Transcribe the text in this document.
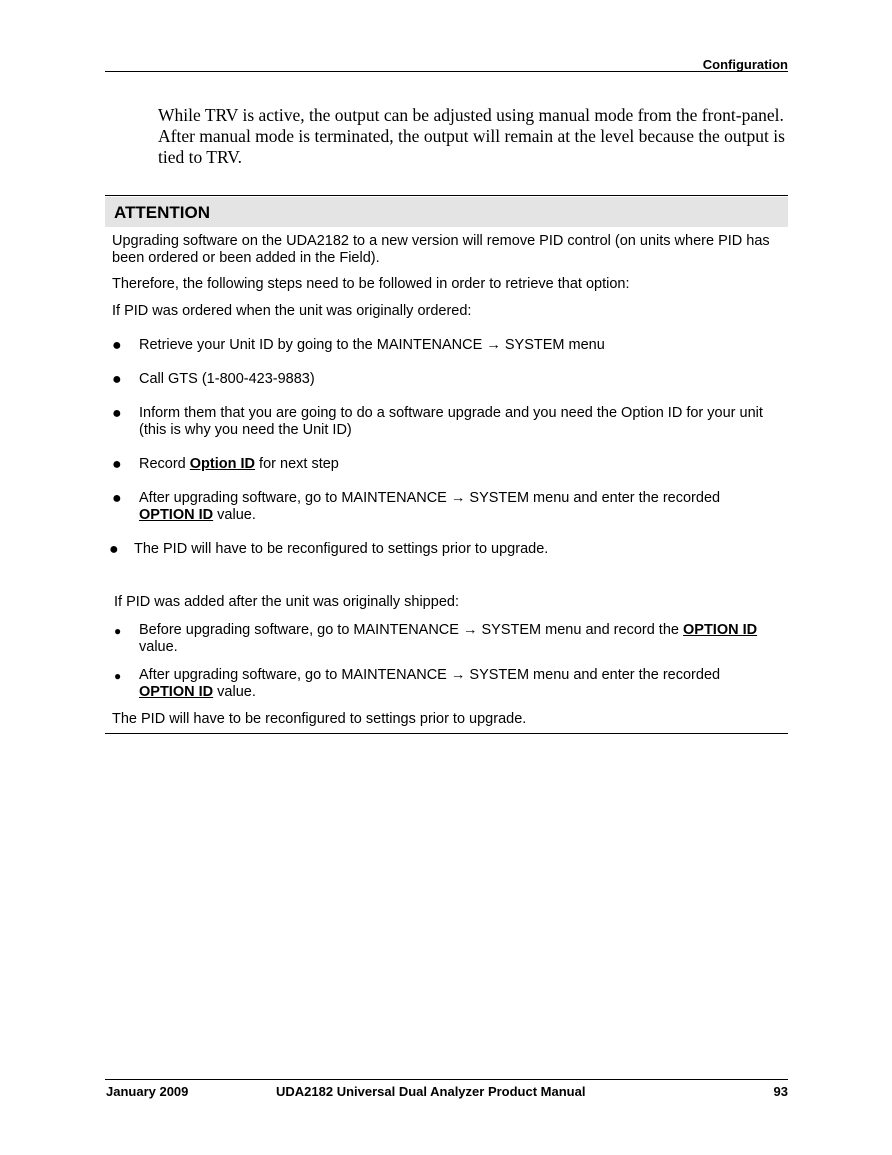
Configuration
While TRV is active, the output can be adjusted using manual mode from the front-panel. After manual mode is terminated, the output will remain at the level because the output is tied to TRV.
ATTENTION
Upgrading software on the UDA2182 to a new version will remove PID control (on units where PID has been ordered or been added in the Field).
Therefore, the following steps need to be followed in order to retrieve that option:
If PID was ordered when the unit was originally ordered:
● Retrieve your Unit ID by going to the MAINTENANCE → SYSTEM menu
● Call GTS (1-800-423-9883)
● Inform them that you are going to do a software upgrade and you need the Option ID for your unit
(this is why you need the Unit ID)
● Record Option ID for next step
● After upgrading software, go to MAINTENANCE → SYSTEM menu and enter the recorded
OPTION ID value.
● The PID will have to be reconfigured to settings prior to upgrade.
If PID was added after the unit was originally shipped:
● Before upgrading software, go to MAINTENANCE → SYSTEM menu and record the OPTION ID
value.
● After upgrading software, go to MAINTENANCE → SYSTEM menu and enter the recorded
OPTION ID value.
The PID will have to be reconfigured to settings prior to upgrade.
January 2009	UDA2182 Universal Dual Analyzer Product Manual	93
